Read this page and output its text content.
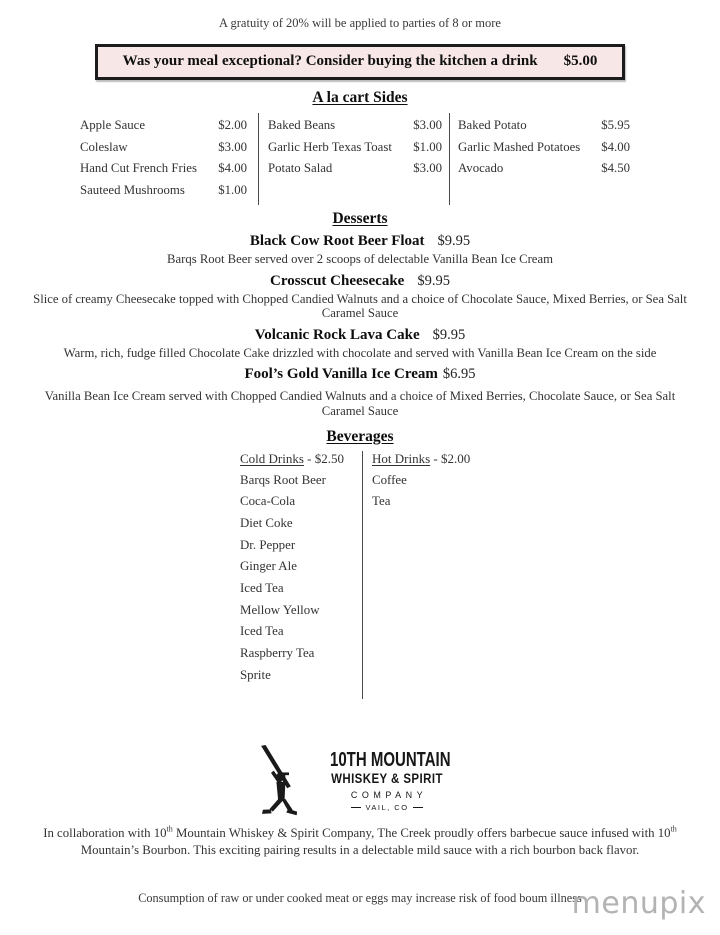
A gratuity of 20% will be applied to parties of 8 or more
Was your meal exceptional? Consider buying the kitchen a drink $5.00
A la cart Sides
Apple Sauce	$2.00
Coleslaw	$3.00
Hand Cut French Fries $4.00
Sauteed Mushrooms	$1.00
Baked Beans	$3.00
Garlic Herb Texas Toast $1.00
Potato Salad	$3.00
Baked Potato	$5.95
Garlic Mashed Potatoes $4.00
Avocado	$4.50
Desserts
Black Cow Root Beer Float $9.95
Barqs Root Beer served over 2 scoops of delectable Vanilla Bean Ice Cream
Crosscut Cheesecake $9.95
Slice of creamy Cheesecake topped with Chopped Candied Walnuts and a choice of Chocolate Sauce, Mixed Berries, or Sea Salt Caramel Sauce
Volcanic Rock Lava Cake $9.95
Warm, rich, fudge filled Chocolate Cake drizzled with chocolate and served with Vanilla Bean Ice Cream on the side
Fool’s Gold Vanilla Ice Cream $6.95
Vanilla Bean Ice Cream served with Chopped Candied Walnuts and a choice of Mixed Berries, Chocolate Sauce, or Sea Salt Caramel Sauce
Beverages
Cold Drinks - $2.50
Barqs Root Beer
Coca-Cola
Diet Coke
Dr. Pepper
Ginger Ale
Iced Tea
Mellow Yellow
Iced Tea
Raspberry Tea
Sprite
Hot Drinks - $2.00
Coffee
Tea
10TH MOUNTAIN
WHISKEY & SPIRIT
COMPANY
VAIL, CO
In collaboration with 10th Mountain Whiskey & Spirit Company, The Creek proudly offers barbecue sauce infused with 10th Mountain’s Bourbon. This exciting pairing results in a delectable mild sauce with a rich bourbon back flavor.
Consumption of raw or under cooked meat or eggs may increase risk of food boum illness
menupix
